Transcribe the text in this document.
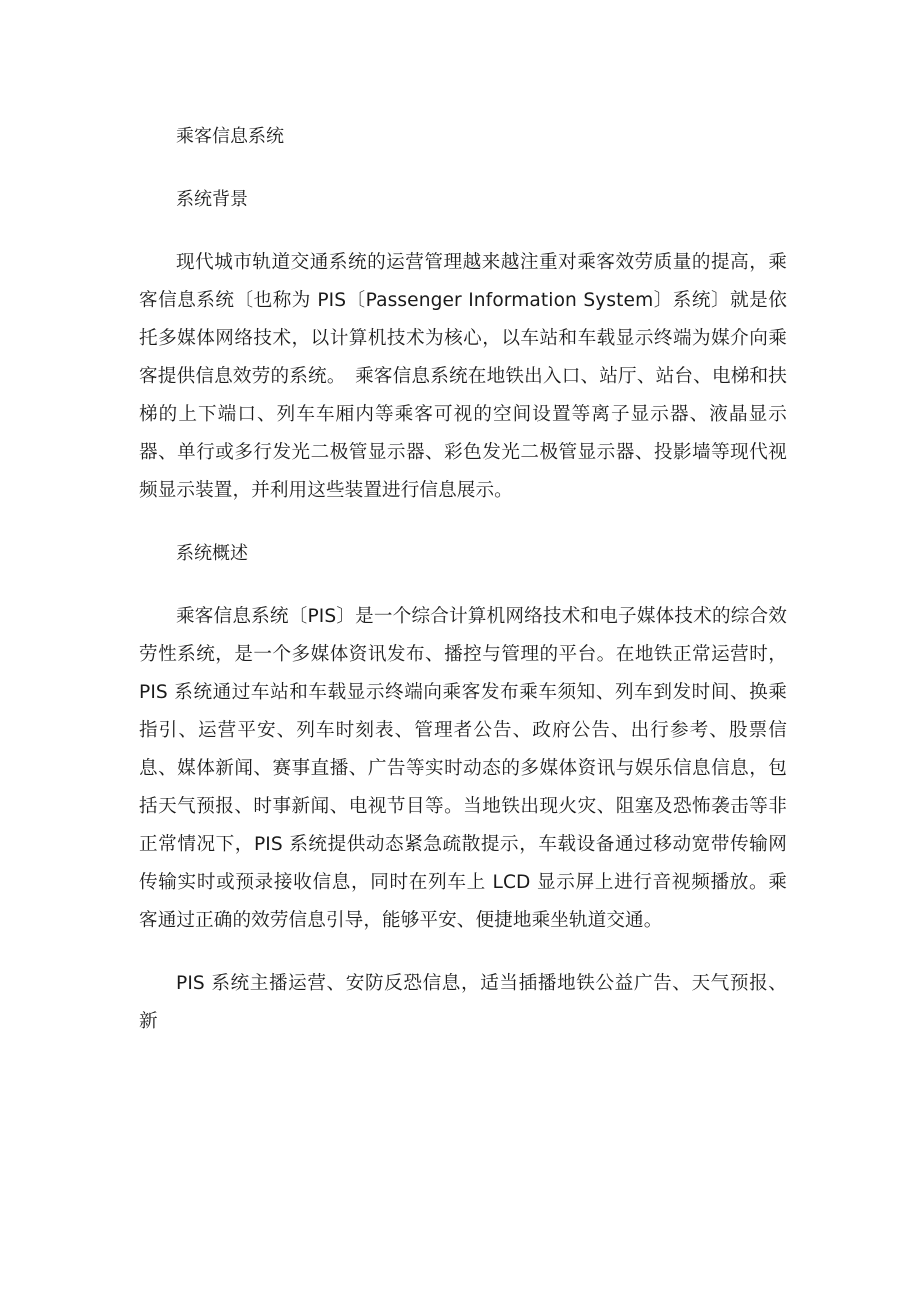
乘客信息系统
系统背景

现代城市轨道交通系统的运营管理越来越注重对乘客效劳质量的提高，乘客信息系统〔也称为 PIS〔Passenger Information System〕系统〕就是依托多媒体网络技术，以计算机技术为核心，以车站和车载显示终端为媒介向乘客提供信息效劳的系统。　乘客信息系统在地铁出入口、站厅、站台、电梯和扶梯的上下端口、列车车厢内等乘客可视的空间设置等离子显示器、液晶显示器、单行或多行发光二极管显示器、彩色发光二极管显示器、投影墙等现代视频显示装置，并利用这些装置进行信息展示。

系统概述

乘客信息系统〔PIS〕是一个综合计算机网络技术和电子媒体技术的综合效劳性系统，是一个多媒体资讯发布、播控与管理的平台。在地铁正常运营时，PIS 系统通过车站和车载显示终端向乘客发布乘车须知、列车到发时间、换乘指引、运营平安、列车时刻表、管理者公告、政府公告、出行参考、股票信息、媒体新闻、赛事直播、广告等实时动态的多媒体资讯与娱乐信息信息，包括天气预报、时事新闻、电视节目等。当地铁出现火灾、阻塞及恐怖袭击等非正常情况下，PIS 系统提供动态紧急疏散提示，车载设备通过移动宽带传输网传输实时或预录接收信息，同时在列车上 LCD 显示屏上进行音视频播放。乘客通过正确的效劳信息引导，能够平安、便捷地乘坐轨道交通。

PIS 系统主播运营、安防反恐信息，适当插播地铁公益广告、天气预报、新
